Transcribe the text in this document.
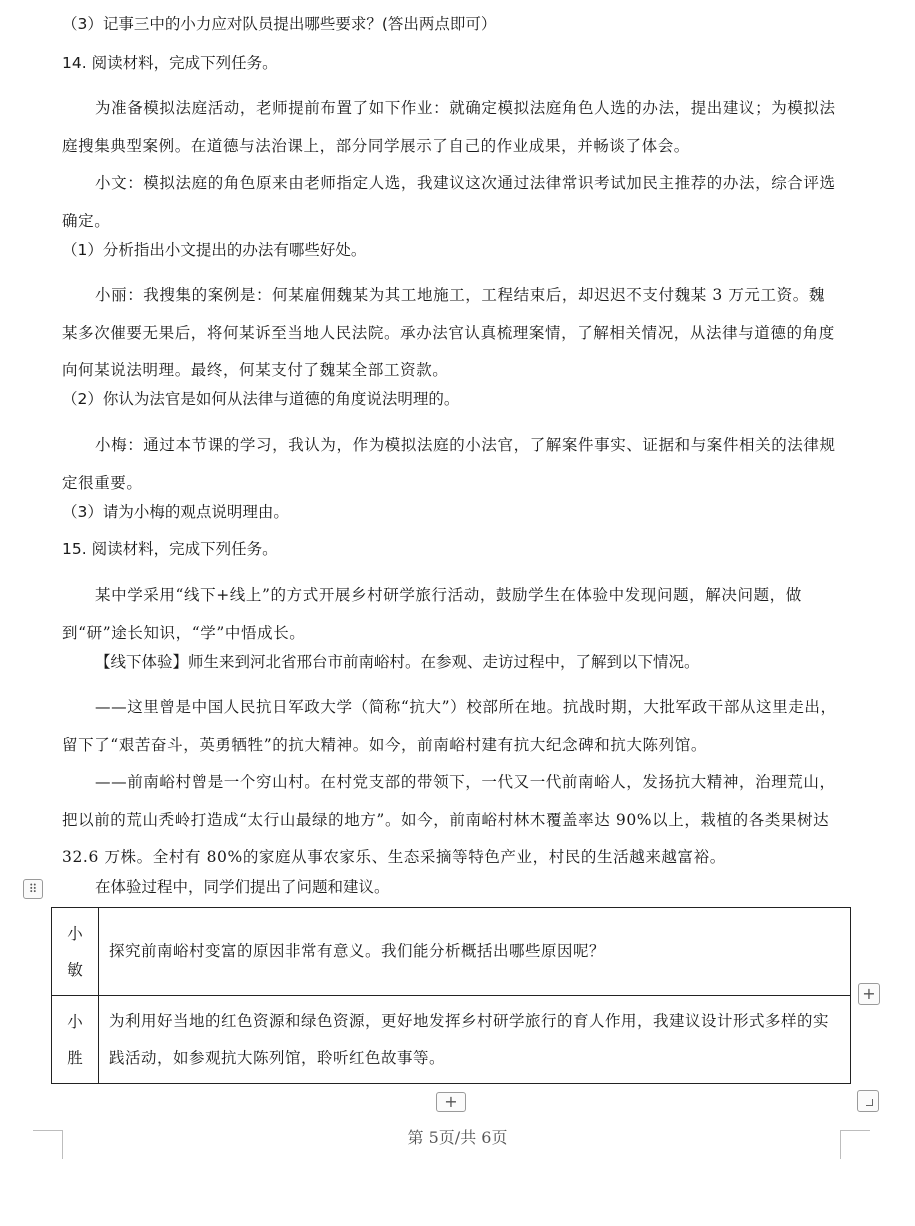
（3）记事三中的小力应对队员提出哪些要求？(答出两点即可）
14. 阅读材料，完成下列任务。
为准备模拟法庭活动，老师提前布置了如下作业：就确定模拟法庭角色人选的办法，提出建议；为模拟法庭搜集典型案例。在道德与法治课上，部分同学展示了自己的作业成果，并畅谈了体会。
小文：模拟法庭的角色原来由老师指定人选，我建议这次通过法律常识考试加民主推荐的办法，综合评选确定。
（1）分析指出小文提出的办法有哪些好处。
小丽：我搜集的案例是：何某雇佣魏某为其工地施工，工程结束后，却迟迟不支付魏某 3 万元工资。魏某多次催要无果后，将何某诉至当地人民法院。承办法官认真梳理案情，了解相关情况，从法律与道德的角度向何某说法明理。最终，何某支付了魏某全部工资款。
（2）你认为法官是如何从法律与道德的角度说法明理的。
小梅：通过本节课的学习，我认为，作为模拟法庭的小法官，了解案件事实、证据和与案件相关的法律规定很重要。
（3）请为小梅的观点说明理由。
15. 阅读材料，完成下列任务。
某中学采用“线下+线上”的方式开展乡村研学旅行活动，鼓励学生在体验中发现问题，解决问题，做到“研”途长知识，“学”中悟成长。
【线下体验】师生来到河北省邢台市前南峪村。在参观、走访过程中，了解到以下情况。
——这里曾是中国人民抗日军政大学（简称“抗大”）校部所在地。抗战时期，大批军政干部从这里走出，留下了“艰苦奋斗，英勇牺牲”的抗大精神。如今，前南峪村建有抗大纪念碑和抗大陈列馆。
——前南峪村曾是一个穷山村。在村党支部的带领下，一代又一代前南峪人，发扬抗大精神，治理荒山，把以前的荒山秃岭打造成“太行山最绿的地方”。如今，前南峪村林木覆盖率达 90%以上，栽植的各类果树达 32.6 万株。全村有 80%的家庭从事农家乐、生态采摘等特色产业，村民的生活越来越富裕。
在体验过程中，同学们提出了问题和建议。
⠿
小
敏	探究前南峪村变富的原因非常有意义。我们能分析概括出哪些原因呢？

小
胜	为利用好当地的红色资源和绿色资源，更好地发挥乡村研学旅行的育人作用，我建议设计形式多样的实践活动，如参观抗大陈列馆，聆听红色故事等。
+
+
第 5页/共 6页
